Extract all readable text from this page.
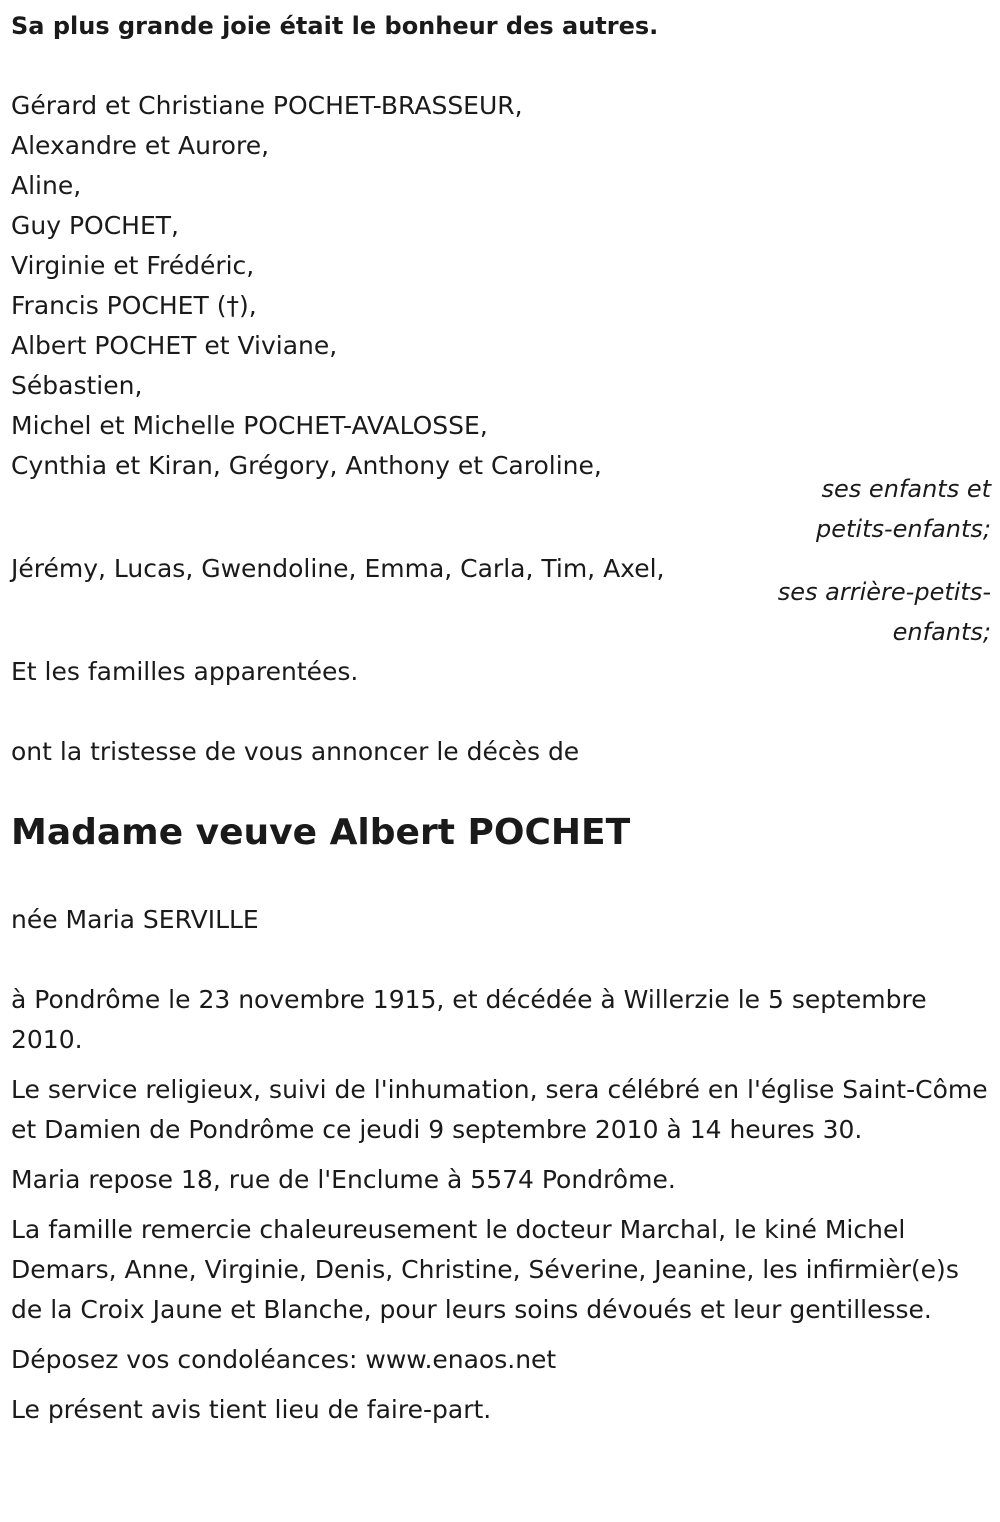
Sa plus grande joie était le bonheur des autres.
Gérard et Christiane POCHET-BRASSEUR,
Alexandre et Aurore,
Aline,
Guy POCHET,
Virginie et Frédéric,
Francis POCHET (†),
Albert POCHET et Viviane,
Sébastien,
Michel et Michelle POCHET-AVALOSSE,
Cynthia et Kiran, Grégory, Anthony et Caroline,
ses enfants et
petits-enfants;
Jérémy, Lucas, Gwendoline, Emma, Carla, Tim, Axel,
ses arrière-petits-
enfants;
Et les familles apparentées.
ont la tristesse de vous annoncer le décès de
Madame veuve Albert POCHET
née Maria SERVILLE

à Pondrôme le 23 novembre 1915, et décédée à Willerzie le 5 septembre 2010.

Le service religieux, suivi de l'inhumation, sera célébré en l'église Saint-Côme et Damien de Pondrôme ce jeudi 9 septembre 2010 à 14 heures 30.

Maria repose 18, rue de l'Enclume à 5574 Pondrôme.

La famille remercie chaleureusement le docteur Marchal, le kiné Michel Demars, Anne, Virginie, Denis, Christine, Séverine, Jeanine, les infirmièr(e)s de la Croix Jaune et Blanche, pour leurs soins dévoués et leur gentillesse.

Déposez vos condoléances: www.enaos.net

Le présent avis tient lieu de faire-part.
